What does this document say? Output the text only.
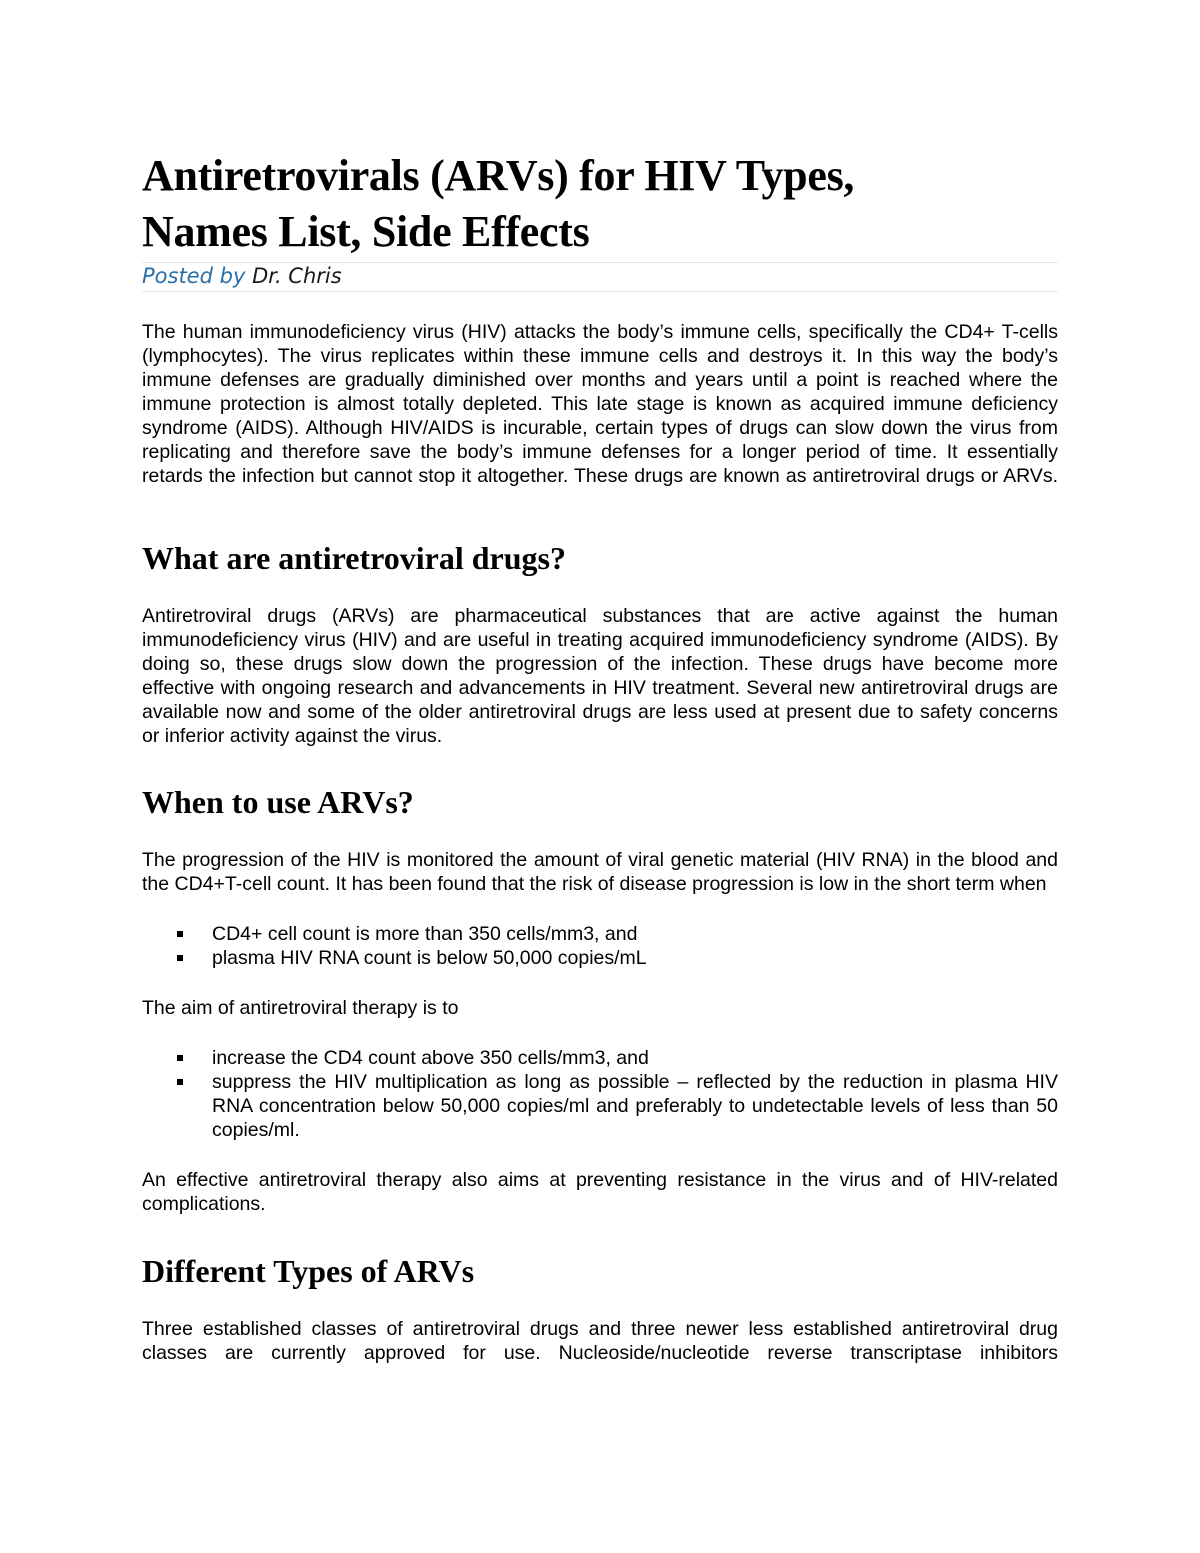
Antiretrovirals (ARVs) for HIV Types,
Names List, Side Effects
Posted by Dr. Chris

The human immunodeficiency virus (HIV) attacks the body’s immune cells, specifically the CD4+ T-cells (lymphocytes). The virus replicates within these immune cells and destroys it. In this way the body’s immune defenses are gradually diminished over months and years until a point is reached where the immune protection is almost totally depleted. This late stage is known as acquired immune deficiency syndrome (AIDS). Although HIV/AIDS is incurable, certain types of drugs can slow down the virus from replicating and therefore save the body’s immune defenses for a longer period of time. It essentially retards the infection but cannot stop it altogether. These drugs are known as antiretroviral drugs or ARVs.

What are antiretroviral drugs?

Antiretroviral drugs (ARVs) are pharmaceutical substances that are active against the human immunodeficiency virus (HIV) and are useful in treating acquired immunodeficiency syndrome (AIDS). By doing so, these drugs slow down the progression of the infection. These drugs have become more effective with ongoing research and advancements in HIV treatment. Several new antiretroviral drugs are available now and some of the older antiretroviral drugs are less used at present due to safety concerns or inferior activity against the virus.

When to use ARVs?

The progression of the HIV is monitored the amount of viral genetic material (HIV RNA) in the blood and the CD4+T-cell count. It has been found that the risk of disease progression is low in the short term when

CD4+ cell count is more than 350 cells/mm3, and
plasma HIV RNA count is below 50,000 copies/mL

The aim of antiretroviral therapy is to

increase the CD4 count above 350 cells/mm3, and
suppress the HIV multiplication as long as possible – reflected by the reduction in plasma HIV RNA concentration below 50,000 copies/ml and preferably to undetectable levels of less than 50 copies/ml.

An effective antiretroviral therapy also aims at preventing resistance in the virus and of HIV-related complications.

Different Types of ARVs

Three established classes of antiretroviral drugs and three newer less established antiretroviral drug classes are currently approved for use. Nucleoside/nucleotide reverse transcriptase inhibitors
